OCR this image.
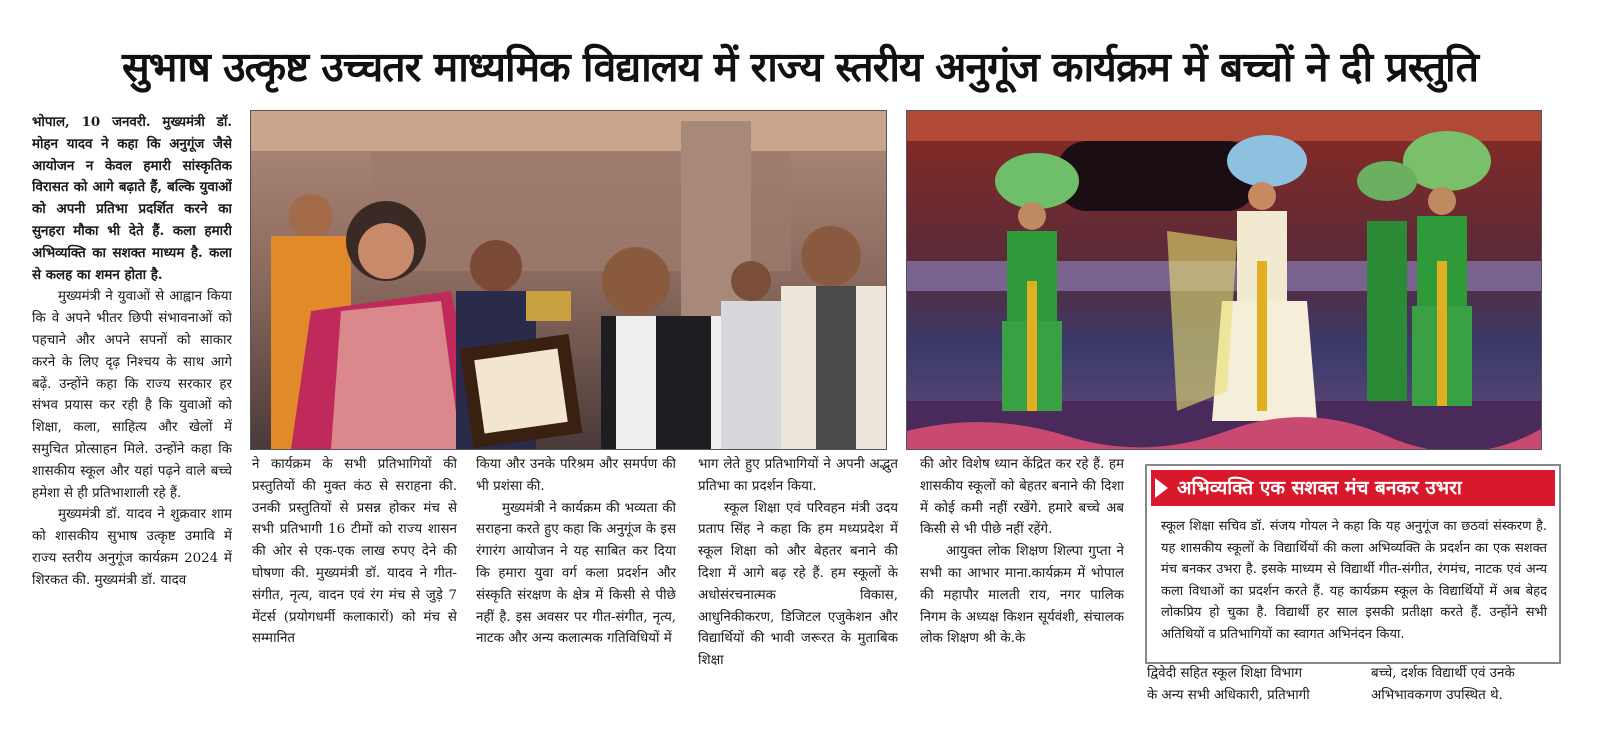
सुभाष उत्कृष्ट उच्चतर माध्यमिक विद्यालय में राज्य स्तरीय अनुगूंज कार्यक्रम में बच्चों ने दी प्रस्तुति

भोपाल, 10 जनवरी. मुख्यमंत्री डॉ. मोहन यादव ने कहा कि अनुगूंज जैसे आयोजन न केवल हमारी सांस्कृतिक विरासत को आगे बढ़ाते हैं, बल्कि युवाओं को अपनी प्रतिभा प्रदर्शित करने का सुनहरा मौका भी देते हैं. कला हमारी अभिव्यक्ति का सशक्त माध्यम है. कला से कलह का शमन होता है.

मुख्यमंत्री ने युवाओं से आह्वान किया कि वे अपने भीतर छिपी संभावनाओं को पहचाने और अपने सपनों को साकार करने के लिए दृढ़ निश्चय के साथ आगे बढ़ें. उन्होंने कहा कि राज्य सरकार हर संभव प्रयास कर रही है कि युवाओं को शिक्षा, कला, साहित्य और खेलों में समुचित प्रोत्साहन मिले. उन्होंने कहा कि शासकीय स्कूल और यहां पढ़ने वाले बच्चे हमेशा से ही प्रतिभाशाली रहे हैं.

मुख्यमंत्री डॉ. यादव ने शुक्रवार शाम को शासकीय सुभाष उत्कृष्ट उमावि में राज्य स्तरीय अनुगूंज कार्यक्रम 2024 में शिरकत की. मुख्यमंत्री डॉ. यादव

ने कार्यक्रम के सभी प्रतिभागियों की प्रस्तुतियों की मुक्त कंठ से सराहना की. उनकी प्रस्तुतियों से प्रसन्न होकर मंच से सभी प्रतिभागी 16 टीमों को राज्य शासन की ओर से एक-एक लाख रुपए देने की घोषणा की. मुख्यमंत्री डॉ. यादव ने गीत-संगीत, नृत्य, वादन एवं रंग मंच से जुड़े 7 मेंटर्स (प्रयोगधर्मी कलाकारों) को मंच से सम्मानित

किया और उनके परिश्रम और समर्पण की भी प्रशंसा की.

मुख्यमंत्री ने कार्यक्रम की भव्यता की सराहना करते हुए कहा कि अनुगूंज के इस रंगारंग आयोजन ने यह साबित कर दिया कि हमारा युवा वर्ग कला प्रदर्शन और संस्कृति संरक्षण के क्षेत्र में किसी से पीछे नहीं है. इस अवसर पर गीत-संगीत, नृत्य, नाटक और अन्य कलात्मक गतिविधियों में

भाग लेते हुए प्रतिभागियों ने अपनी अद्भुत प्रतिभा का प्रदर्शन किया.

स्कूल शिक्षा एवं परिवहन मंत्री उदय प्रताप सिंह ने कहा कि हम मध्यप्रदेश में स्कूल शिक्षा को और बेहतर बनाने की दिशा में आगे बढ़ रहे हैं. हम स्कूलों के अधोसंरचनात्मक विकास, आधुनिकीकरण, डिजिटल एजुकेशन और विद्यार्थियों की भावी जरूरत के मुताबिक शिक्षा

की ओर विशेष ध्यान केंद्रित कर रहे हैं. हम शासकीय स्कूलों को बेहतर बनाने की दिशा में कोई कमी नहीं रखेंगे. हमारे बच्चे अब किसी से भी पीछे नहीं रहेंगे.

आयुक्त लोक शिक्षण शिल्पा गुप्ता ने सभी का आभार माना.कार्यक्रम में भोपाल की महापौर मालती राय, नगर पालिक निगम के अध्यक्ष किशन सूर्यवंशी, संचालक लोक शिक्षण श्री के.के

अभिव्यक्ति एक सशक्त मंच बनकर उभरा
स्कूल शिक्षा सचिव डॉ. संजय गोयल ने कहा कि यह अनुगूंज का छठवां संस्करण है. यह शासकीय स्कूलों के विद्यार्थियों की कला अभिव्यक्ति के प्रदर्शन का एक सशक्त मंच बनकर उभरा है. इसके माध्यम से विद्यार्थी गीत-संगीत, रंगमंच, नाटक एवं अन्य कला विधाओं का प्रदर्शन करते हैं. यह कार्यक्रम स्कूल के विद्यार्थियों में अब बेहद लोकप्रिय हो चुका है. विद्यार्थी हर साल इसकी प्रतीक्षा करते हैं. उन्होंने सभी अतिथियों व प्रतिभागियों का स्वागत अभिनंदन किया.
द्विवेदी सहित स्कूल शिक्षा विभाग
के अन्य सभी अधिकारी, प्रतिभागी
बच्चे, दर्शक विद्यार्थी एवं उनके
अभिभावकगण उपस्थित थे.
